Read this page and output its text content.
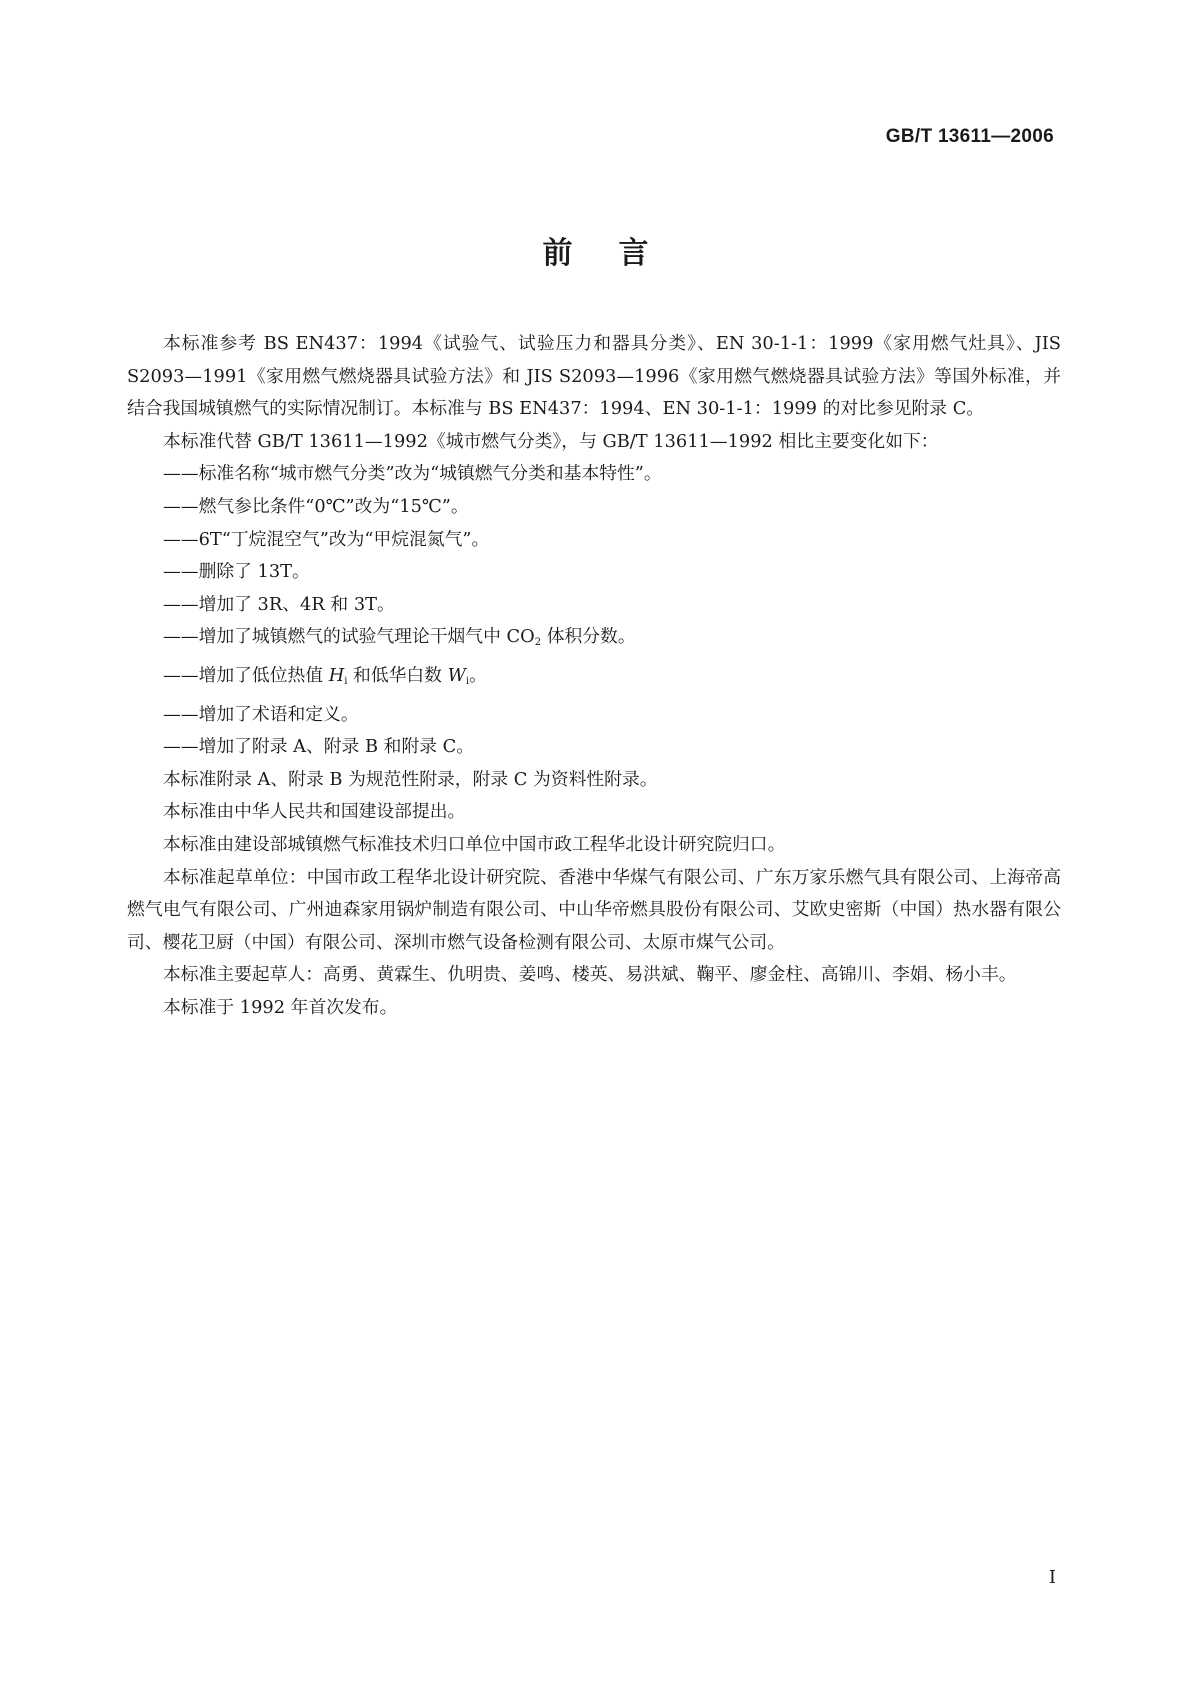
GB/T 13611—2006
前言

本标准参考 BS EN437：1994《试验气、试验压力和器具分类》、EN 30-1-1：1999《家用燃气灶具》、JIS S2093—1991《家用燃气燃烧器具试验方法》和 JIS S2093—1996《家用燃气燃烧器具试验方法》等国外标准，并结合我国城镇燃气的实际情况制订。本标准与 BS EN437：1994、EN 30-1-1：1999 的对比参见附录 C。

本标准代替 GB/T 13611—1992《城市燃气分类》，与 GB/T 13611—1992 相比主要变化如下：

——标准名称“城市燃气分类”改为“城镇燃气分类和基本特性”。

——燃气参比条件“0℃”改为“15℃”。

——6T“丁烷混空气”改为“甲烷混氮气”。

——删除了 13T。

——增加了 3R、4R 和 3T。

——增加了城镇燃气的试验气理论干烟气中 $CO_2$ 体积分数。

——增加了低位热值 $H_i$ 和低华白数 $W_i$。

——增加了术语和定义。

——增加了附录 A、附录 B 和附录 C。

本标准附录 A、附录 B 为规范性附录，附录 C 为资料性附录。

本标准由中华人民共和国建设部提出。

本标准由建设部城镇燃气标准技术归口单位中国市政工程华北设计研究院归口。

本标准起草单位：中国市政工程华北设计研究院、香港中华煤气有限公司、广东万家乐燃气具有限公司、上海帝高燃气电气有限公司、广州迪森家用锅炉制造有限公司、中山华帝燃具股份有限公司、艾欧史密斯（中国）热水器有限公司、樱花卫厨（中国）有限公司、深圳市燃气设备检测有限公司、太原市煤气公司。

本标准主要起草人：高勇、黄霖生、仇明贵、姜鸣、楼英、易洪斌、鞠平、廖金柱、高锦川、李娟、杨小丰。

本标准于 1992 年首次发布。

I
